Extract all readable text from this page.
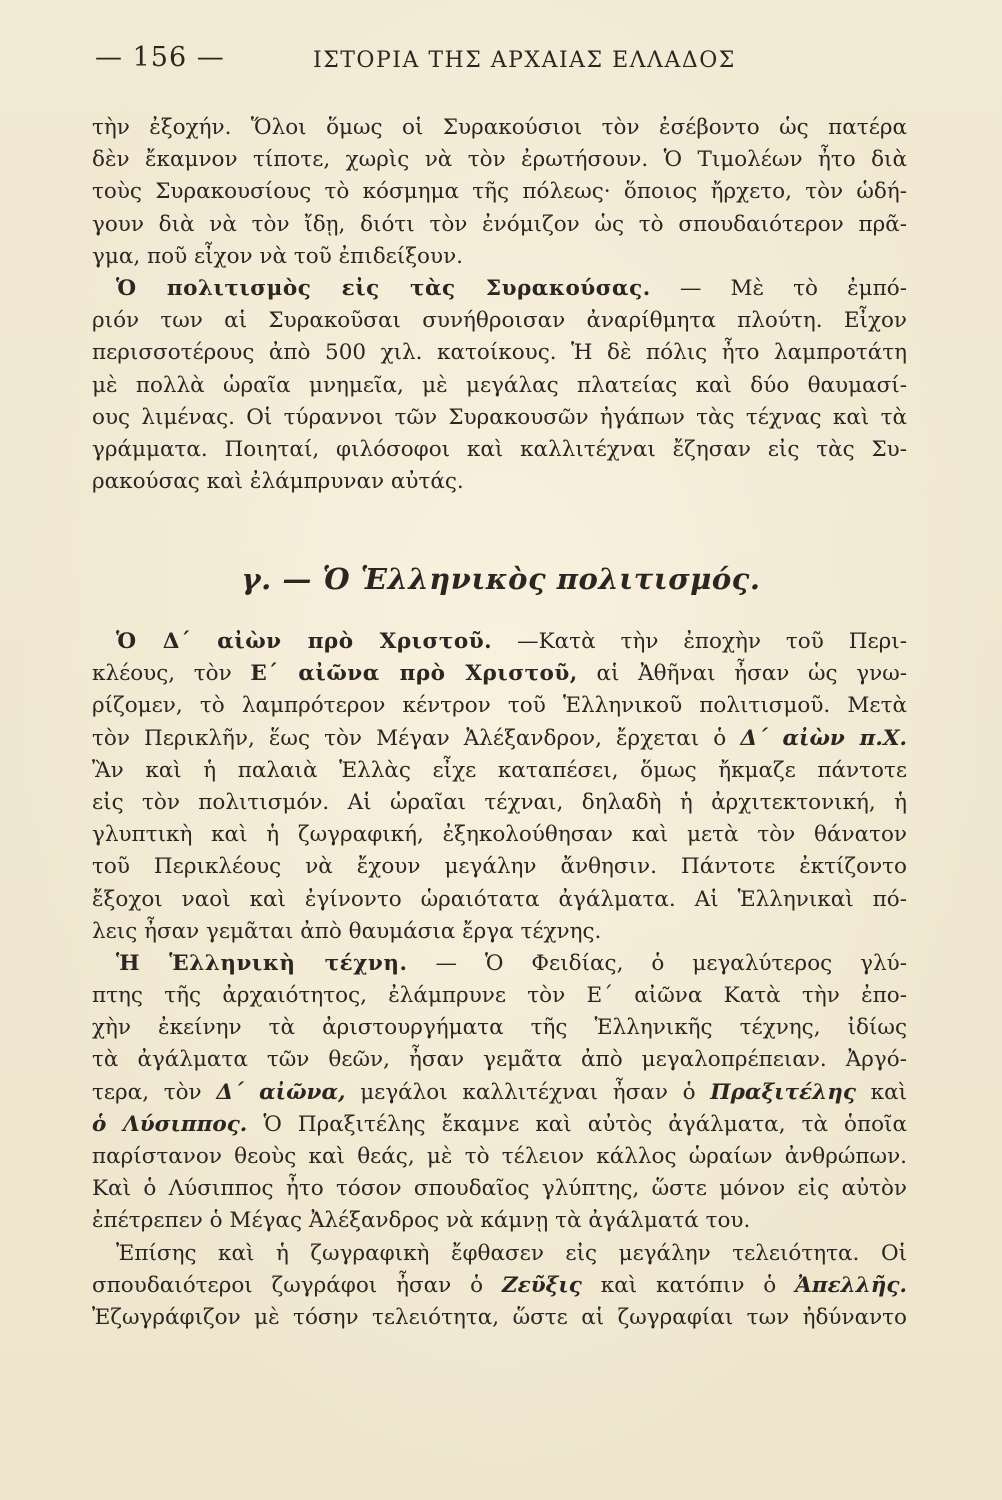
— 156 —	ΙΣΤΟΡΙΑ ΤΗΣ ΑΡΧΑΙΑΣ ΕΛΛΑΔΟΣ
τὴν ἐξοχήν. Ὅλοι ὅμως οἱ Συρακούσιοι τὸν ἐσέβοντο ὡς πατέρα
δὲν ἔκαμνον τίποτε, χωρὶς νὰ τὸν ἐρωτήσουν. Ὁ Τιμολέων ἦτο διὰ
τοὺς Συρακουσίους τὸ κόσμημα τῆς πόλεως· ὅποιος ἤρχετο, τὸν ὡδή-
γουν διὰ νὰ τὸν ἴδῃ, διότι τὸν ἐνόμιζον ὡς τὸ σπουδαιότερον πρᾶ-
γμα, ποῦ εἶχον νὰ τοῦ ἐπιδείξουν.
Ὁ πολιτισμὸς εἰς τὰς Συρακούσας. — Μὲ τὸ ἐμπό-
ριόν των αἱ Συρακοῦσαι συνήθροισαν ἀναρίθμητα πλούτη. Εἶχον
περισσοτέρους ἀπὸ 500 χιλ. κατοίκους. Ἡ δὲ πόλις ἦτο λαμπροτάτη
μὲ πολλὰ ὡραῖα μνημεῖα, μὲ μεγάλας πλατείας καὶ δύο θαυμασί-
ους λιμένας. Οἱ τύραννοι τῶν Συρακουσῶν ἠγάπων τὰς τέχνας καὶ τὰ
γράμματα. Ποιηταί, φιλόσοφοι καὶ καλλιτέχναι ἔζησαν εἰς τὰς Συ-
ρακούσας καὶ ἐλάμπρυναν αὐτάς.
γ. — Ὁ Ἑλληνικὸς πολιτισμός.
Ὁ Δ΄ αἰὼν πρὸ Χριστοῦ. —Κατὰ τὴν ἐποχὴν τοῦ Περι-
κλέους, τὸν Ε΄ αἰῶνα πρὸ Χριστοῦ, αἱ Ἀθῆναι ἦσαν ὡς γνω-
ρίζομεν, τὸ λαμπρότερον κέντρον τοῦ Ἑλληνικοῦ πολιτισμοῦ. Μετὰ
τὸν Περικλῆν, ἕως τὸν Μέγαν Ἀλέξανδρον, ἔρχεται ὁ Δ΄ αἰὼν π.Χ.
Ἂν καὶ ἡ παλαιὰ Ἑλλὰς εἶχε καταπέσει, ὅμως ἤκμαζε πάντοτε
εἰς τὸν πολιτισμόν. Αἱ ὡραῖαι τέχναι, δηλαδὴ ἡ ἀρχιτεκτονική, ἡ
γλυπτικὴ καὶ ἡ ζωγραφική, ἐξηκολούθησαν καὶ μετὰ τὸν θάνατον
τοῦ Περικλέους νὰ ἔχουν μεγάλην ἄνθησιν. Πάντοτε ἐκτίζοντο
ἔξοχοι ναοὶ καὶ ἐγίνοντο ὡραιότατα ἀγάλματα. Αἱ Ἑλληνικαὶ πό-
λεις ἦσαν γεμᾶται ἀπὸ θαυμάσια ἔργα τέχνης.
Ἡ Ἑλληνικὴ τέχνη. — Ὁ Φειδίας, ὁ μεγαλύτερος γλύ-
πτης τῆς ἀρχαιότητος, ἐλάμπρυνε τὸν Ε΄ αἰῶνα Κατὰ τὴν ἐπο-
χὴν ἐκείνην τὰ ἀριστουργήματα τῆς Ἑλληνικῆς τέχνης, ἰδίως
τὰ ἀγάλματα τῶν θεῶν, ἦσαν γεμᾶτα ἀπὸ μεγαλοπρέπειαν. Ἀργό-
τερα, τὸν Δ΄ αἰῶνα, μεγάλοι καλλιτέχναι ἦσαν ὁ Πραξιτέλης καὶ
ὁ Λύσιππος. Ὁ Πραξιτέλης ἔκαμνε καὶ αὐτὸς ἀγάλματα, τὰ ὁποῖα
παρίστανον θεοὺς καὶ θεάς, μὲ τὸ τέλειον κάλλος ὡραίων ἀνθρώπων.
Καὶ ὁ Λύσιππος ἦτο τόσον σπουδαῖος γλύπτης, ὥστε μόνον εἰς αὐτὸν
ἐπέτρεπεν ὁ Μέγας Ἀλέξανδρος νὰ κάμνῃ τὰ ἀγάλματά του.
Ἐπίσης καὶ ἡ ζωγραφικὴ ἔφθασεν εἰς μεγάλην τελειότητα. Οἱ
σπουδαιότεροι ζωγράφοι ἦσαν ὁ Ζεῦξις καὶ κατόπιν ὁ Ἀπελλῆς.
Ἐζωγράφιζον μὲ τόσην τελειότητα, ὥστε αἱ ζωγραφίαι των ἠδύναντο
